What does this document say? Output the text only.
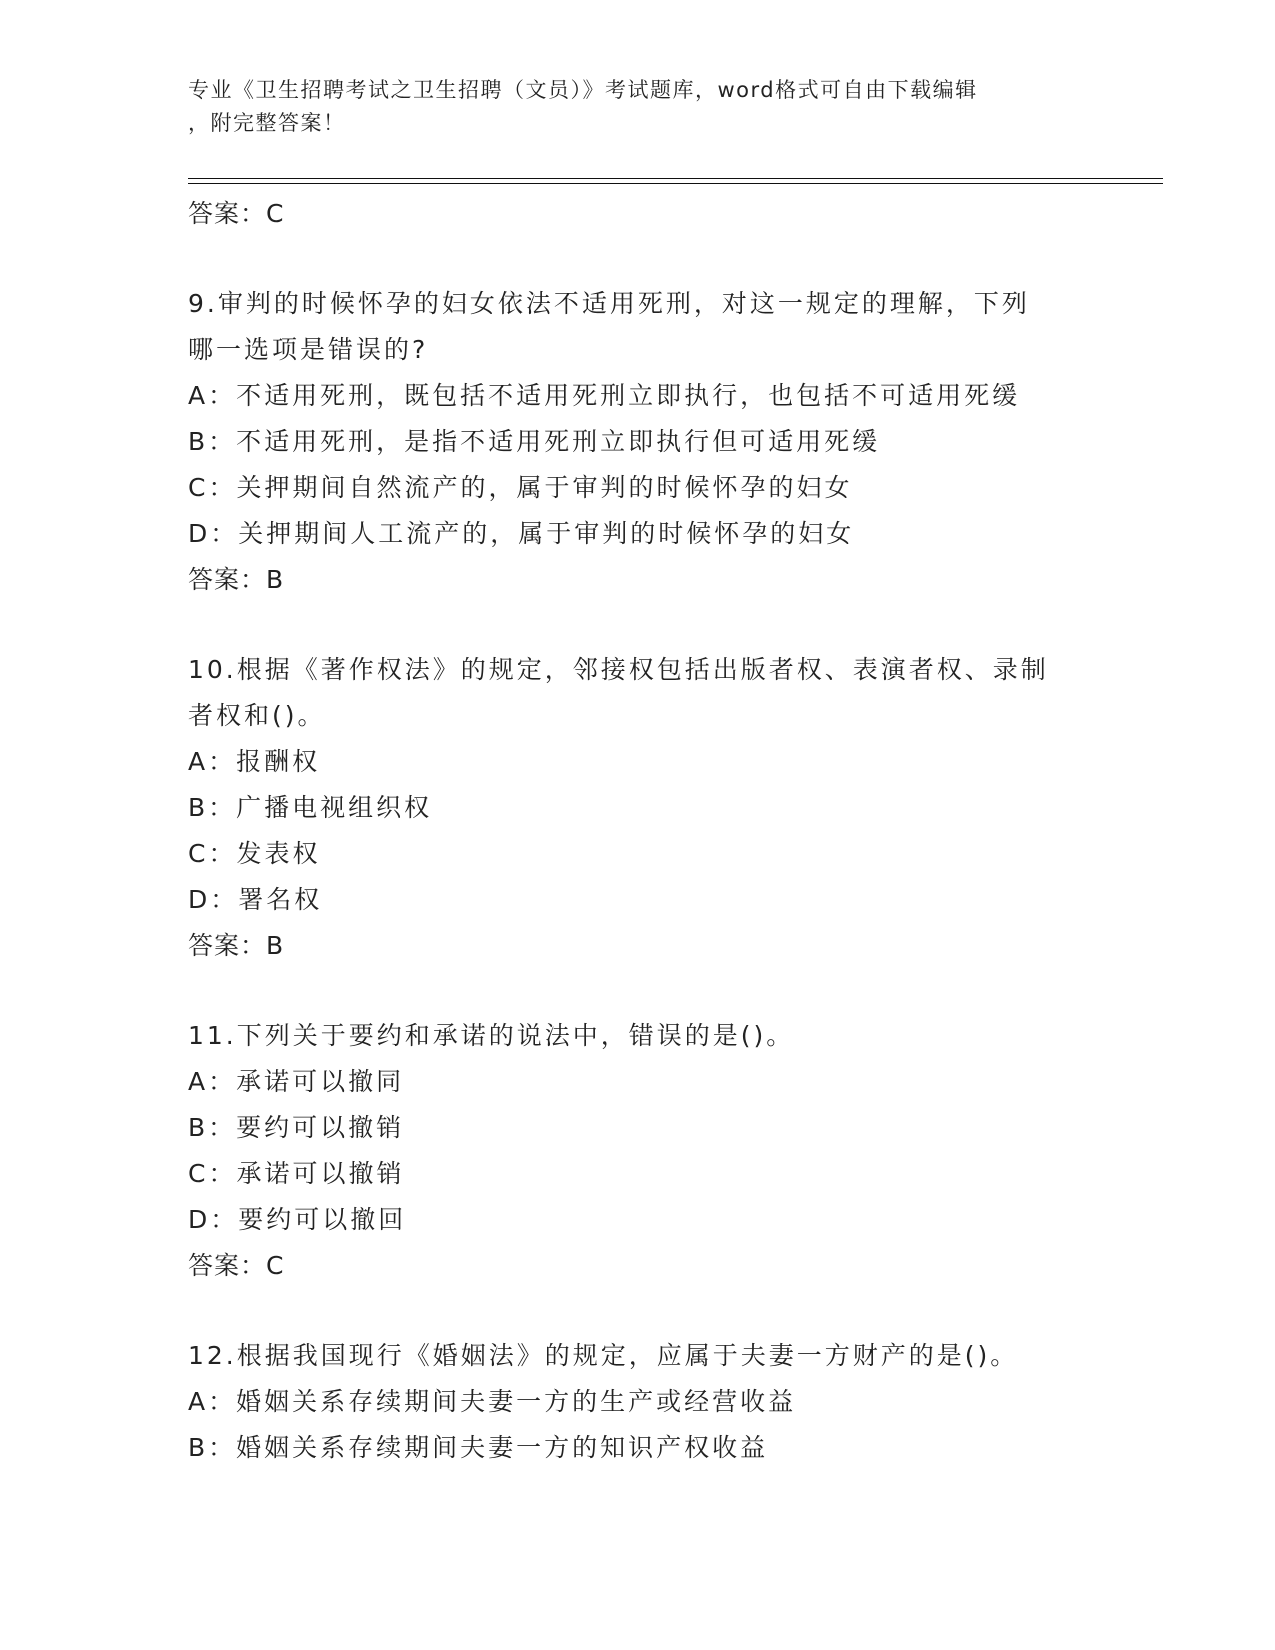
专业《卫生招聘考试之卫生招聘（文员）》考试题库，word格式可自由下载编辑
，附完整答案！
答案：C
9.审判的时候怀孕的妇女依法不适用死刑，对这一规定的理解，下列
哪一选项是错误的?
A：不适用死刑，既包括不适用死刑立即执行，也包括不可适用死缓
B：不适用死刑，是指不适用死刑立即执行但可适用死缓
C：关押期间自然流产的，属于审判的时候怀孕的妇女
D：关押期间人工流产的，属于审判的时候怀孕的妇女
答案：B
10.根据《著作权法》的规定，邻接权包括出版者权、表演者权、录制
者权和()。
A：报酬权
B：广播电视组织权
C：发表权
D：署名权
答案：B
11.下列关于要约和承诺的说法中，错误的是()。
A：承诺可以撤同
B：要约可以撤销
C：承诺可以撤销
D：要约可以撤回
答案：C
12.根据我国现行《婚姻法》的规定，应属于夫妻一方财产的是()。
A：婚姻关系存续期间夫妻一方的生产或经营收益
B：婚姻关系存续期间夫妻一方的知识产权收益
